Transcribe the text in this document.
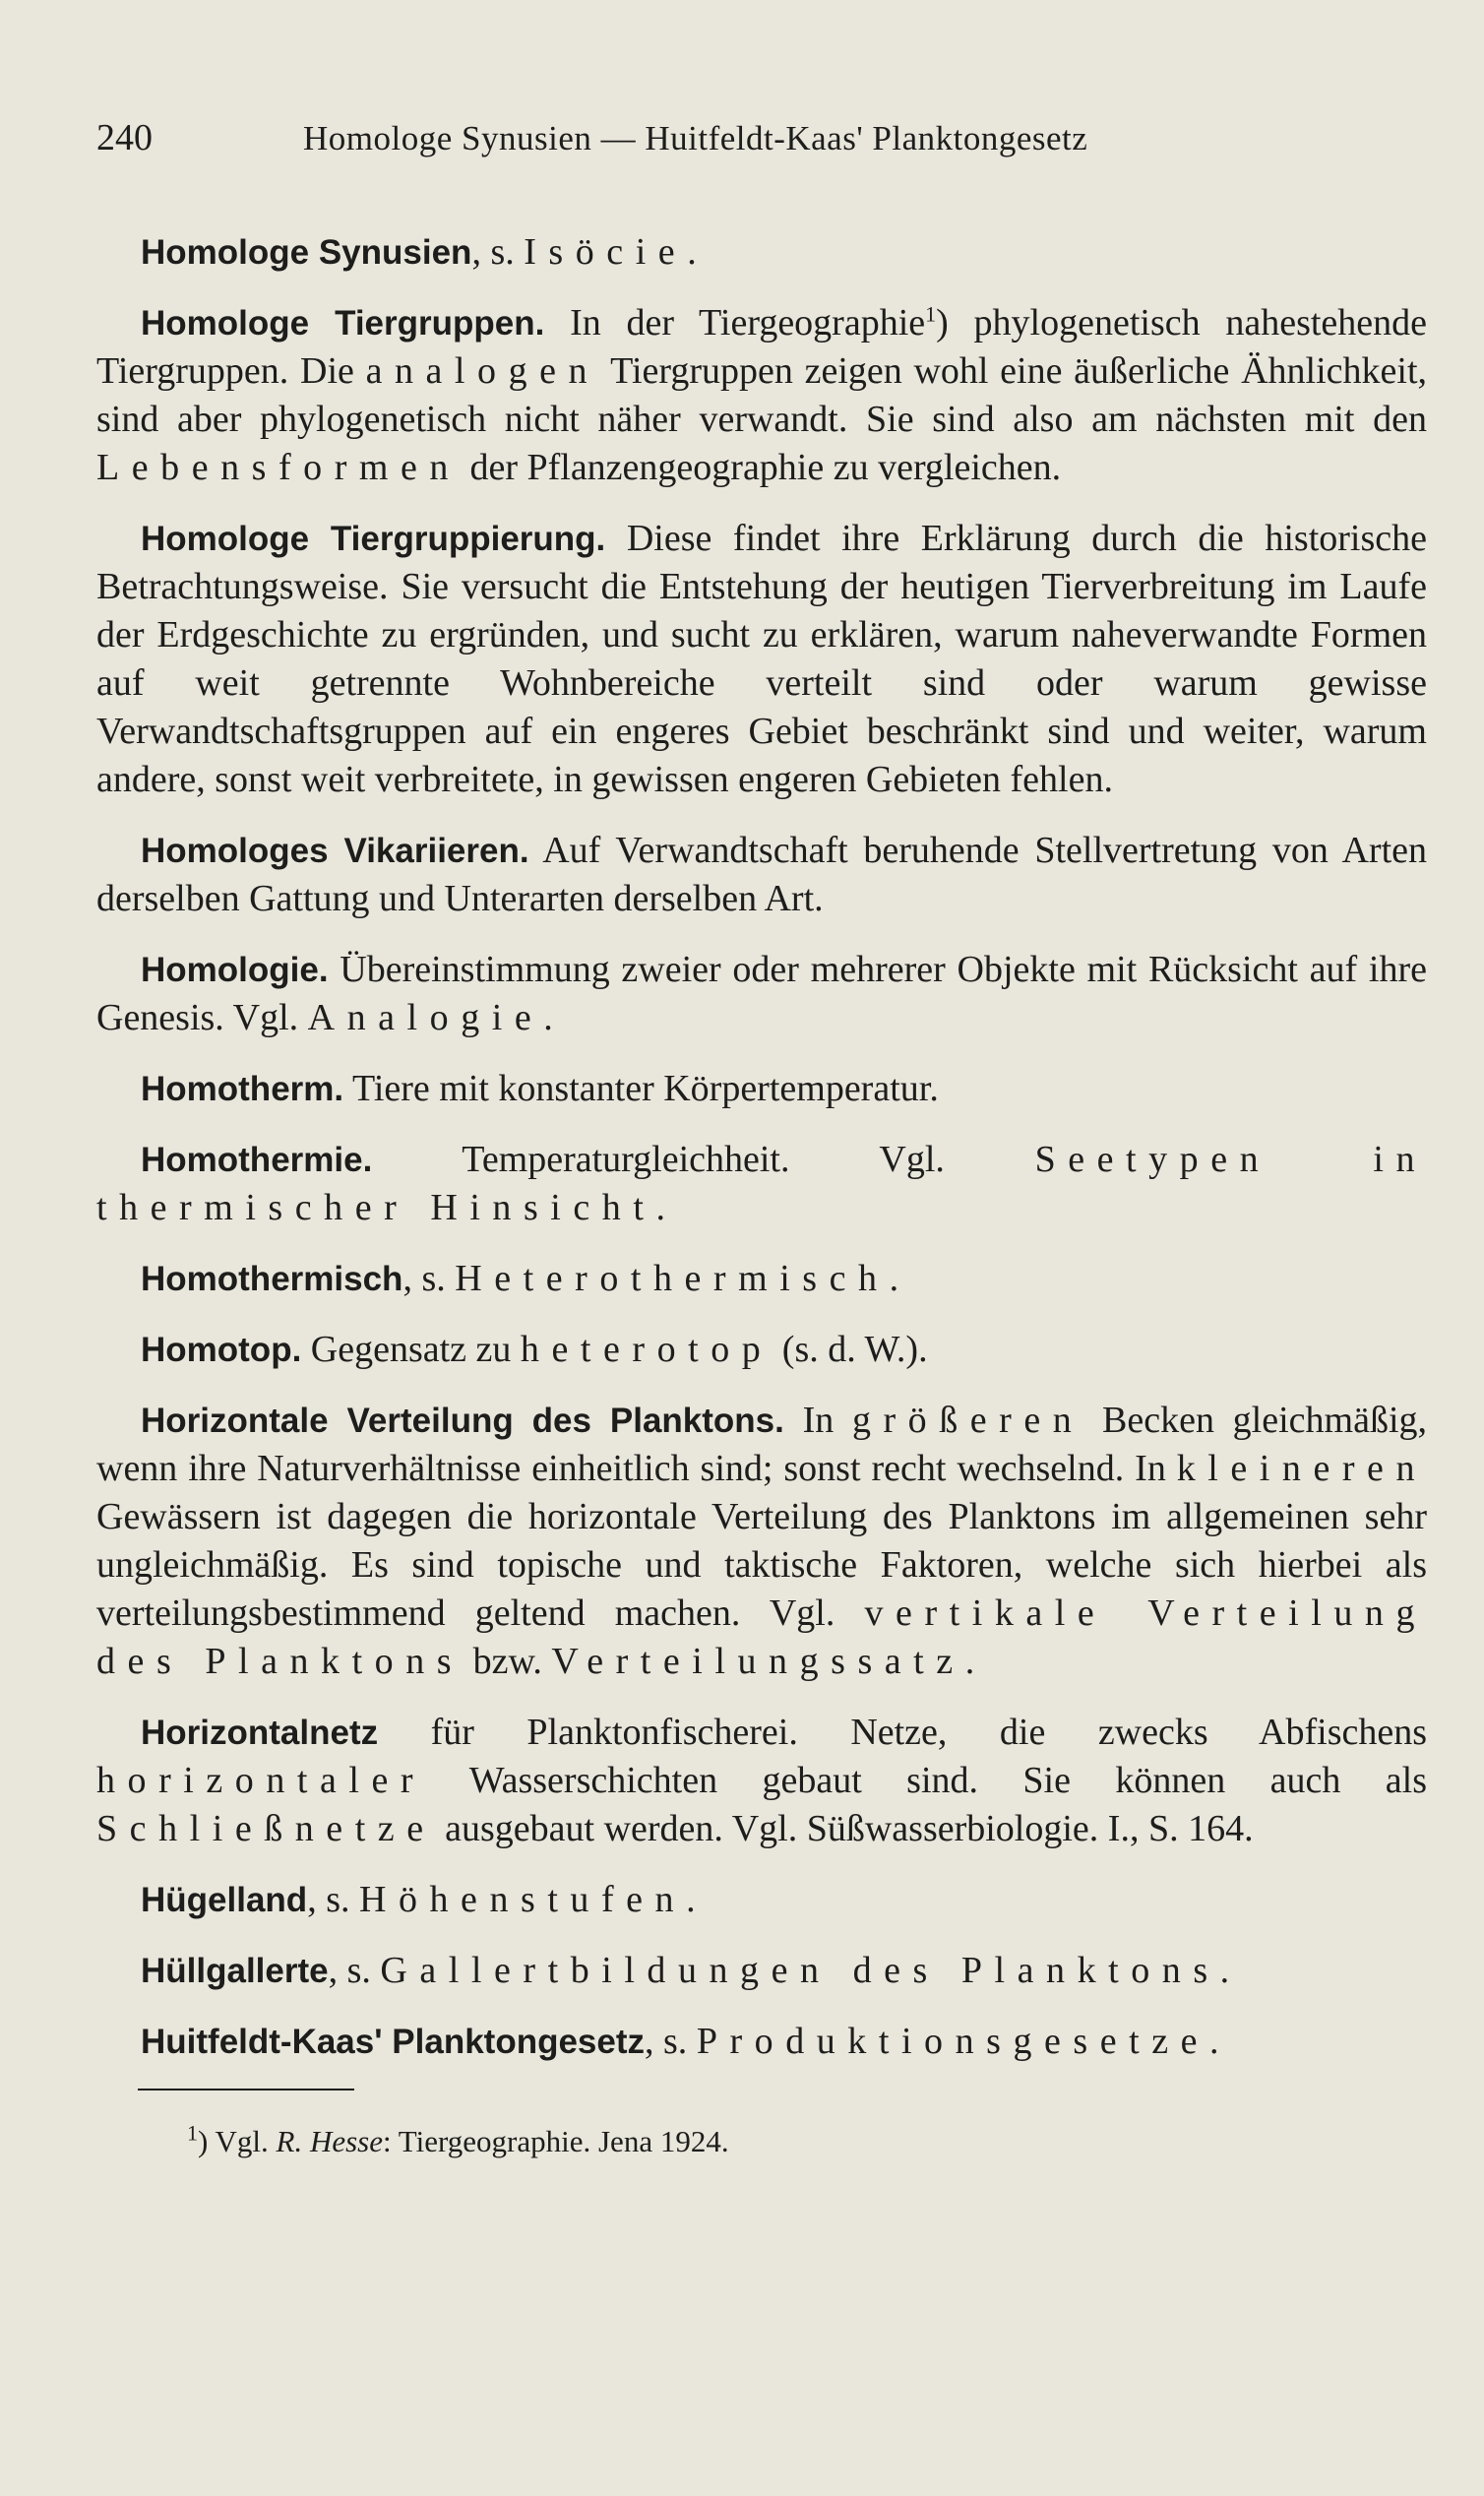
240	Homologe Synusien — Huitfeldt-Kaas' Planktongesetz

Homologe Synusien, s. Isöcie.

Homologe Tiergruppen. In der Tiergeographie$^1$) phylogenetisch nahestehende Tiergruppen. Die analogen Tiergruppen zeigen wohl eine äußerliche Ähnlichkeit, sind aber phylogenetisch nicht näher verwandt. Sie sind also am nächsten mit den Lebensformen der Pflanzengeographie zu vergleichen.

Homologe Tiergruppierung. Diese findet ihre Erklärung durch die historische Betrachtungsweise. Sie versucht die Entstehung der heutigen Tierverbreitung im Laufe der Erdgeschichte zu ergründen, und sucht zu erklären, warum naheverwandte Formen auf weit getrennte Wohnbereiche verteilt sind oder warum gewisse Verwandtschaftsgruppen auf ein engeres Gebiet beschränkt sind und weiter, warum andere, sonst weit verbreitete, in gewissen engeren Gebieten fehlen.

Homologes Vikariieren. Auf Verwandtschaft beruhende Stellvertretung von Arten derselben Gattung und Unterarten derselben Art.

Homologie. Übereinstimmung zweier oder mehrerer Objekte mit Rücksicht auf ihre Genesis. Vgl. Analogie.

Homotherm. Tiere mit konstanter Körpertemperatur.

Homothermie. Temperaturgleichheit. Vgl. Seetypen in thermischer Hinsicht.

Homothermisch, s. Heterothermisch.

Homotop. Gegensatz zu heterotop (s. d. W.).

Horizontale Verteilung des Planktons. In größeren Becken gleichmäßig, wenn ihre Naturverhältnisse einheitlich sind; sonst recht wechselnd. In kleineren Gewässern ist dagegen die horizontale Verteilung des Planktons im allgemeinen sehr ungleichmäßig. Es sind topische und taktische Faktoren, welche sich hierbei als verteilungsbestimmend geltend machen. Vgl. vertikale Verteilung des Planktons bzw. Verteilungssatz.

Horizontalnetz für Planktonfischerei. Netze, die zwecks Abfischens horizontaler Wasserschichten gebaut sind. Sie können auch als Schließnetze ausgebaut werden. Vgl. Süßwasserbiologie. I., S. 164.

Hügelland, s. Höhenstufen.

Hüllgallerte, s. Gallertbildungen des Planktons.

Huitfeldt-Kaas' Planktongesetz, s. Produktionsgesetze.

$^1$) Vgl. R. Hesse: Tiergeographie. Jena 1924.
